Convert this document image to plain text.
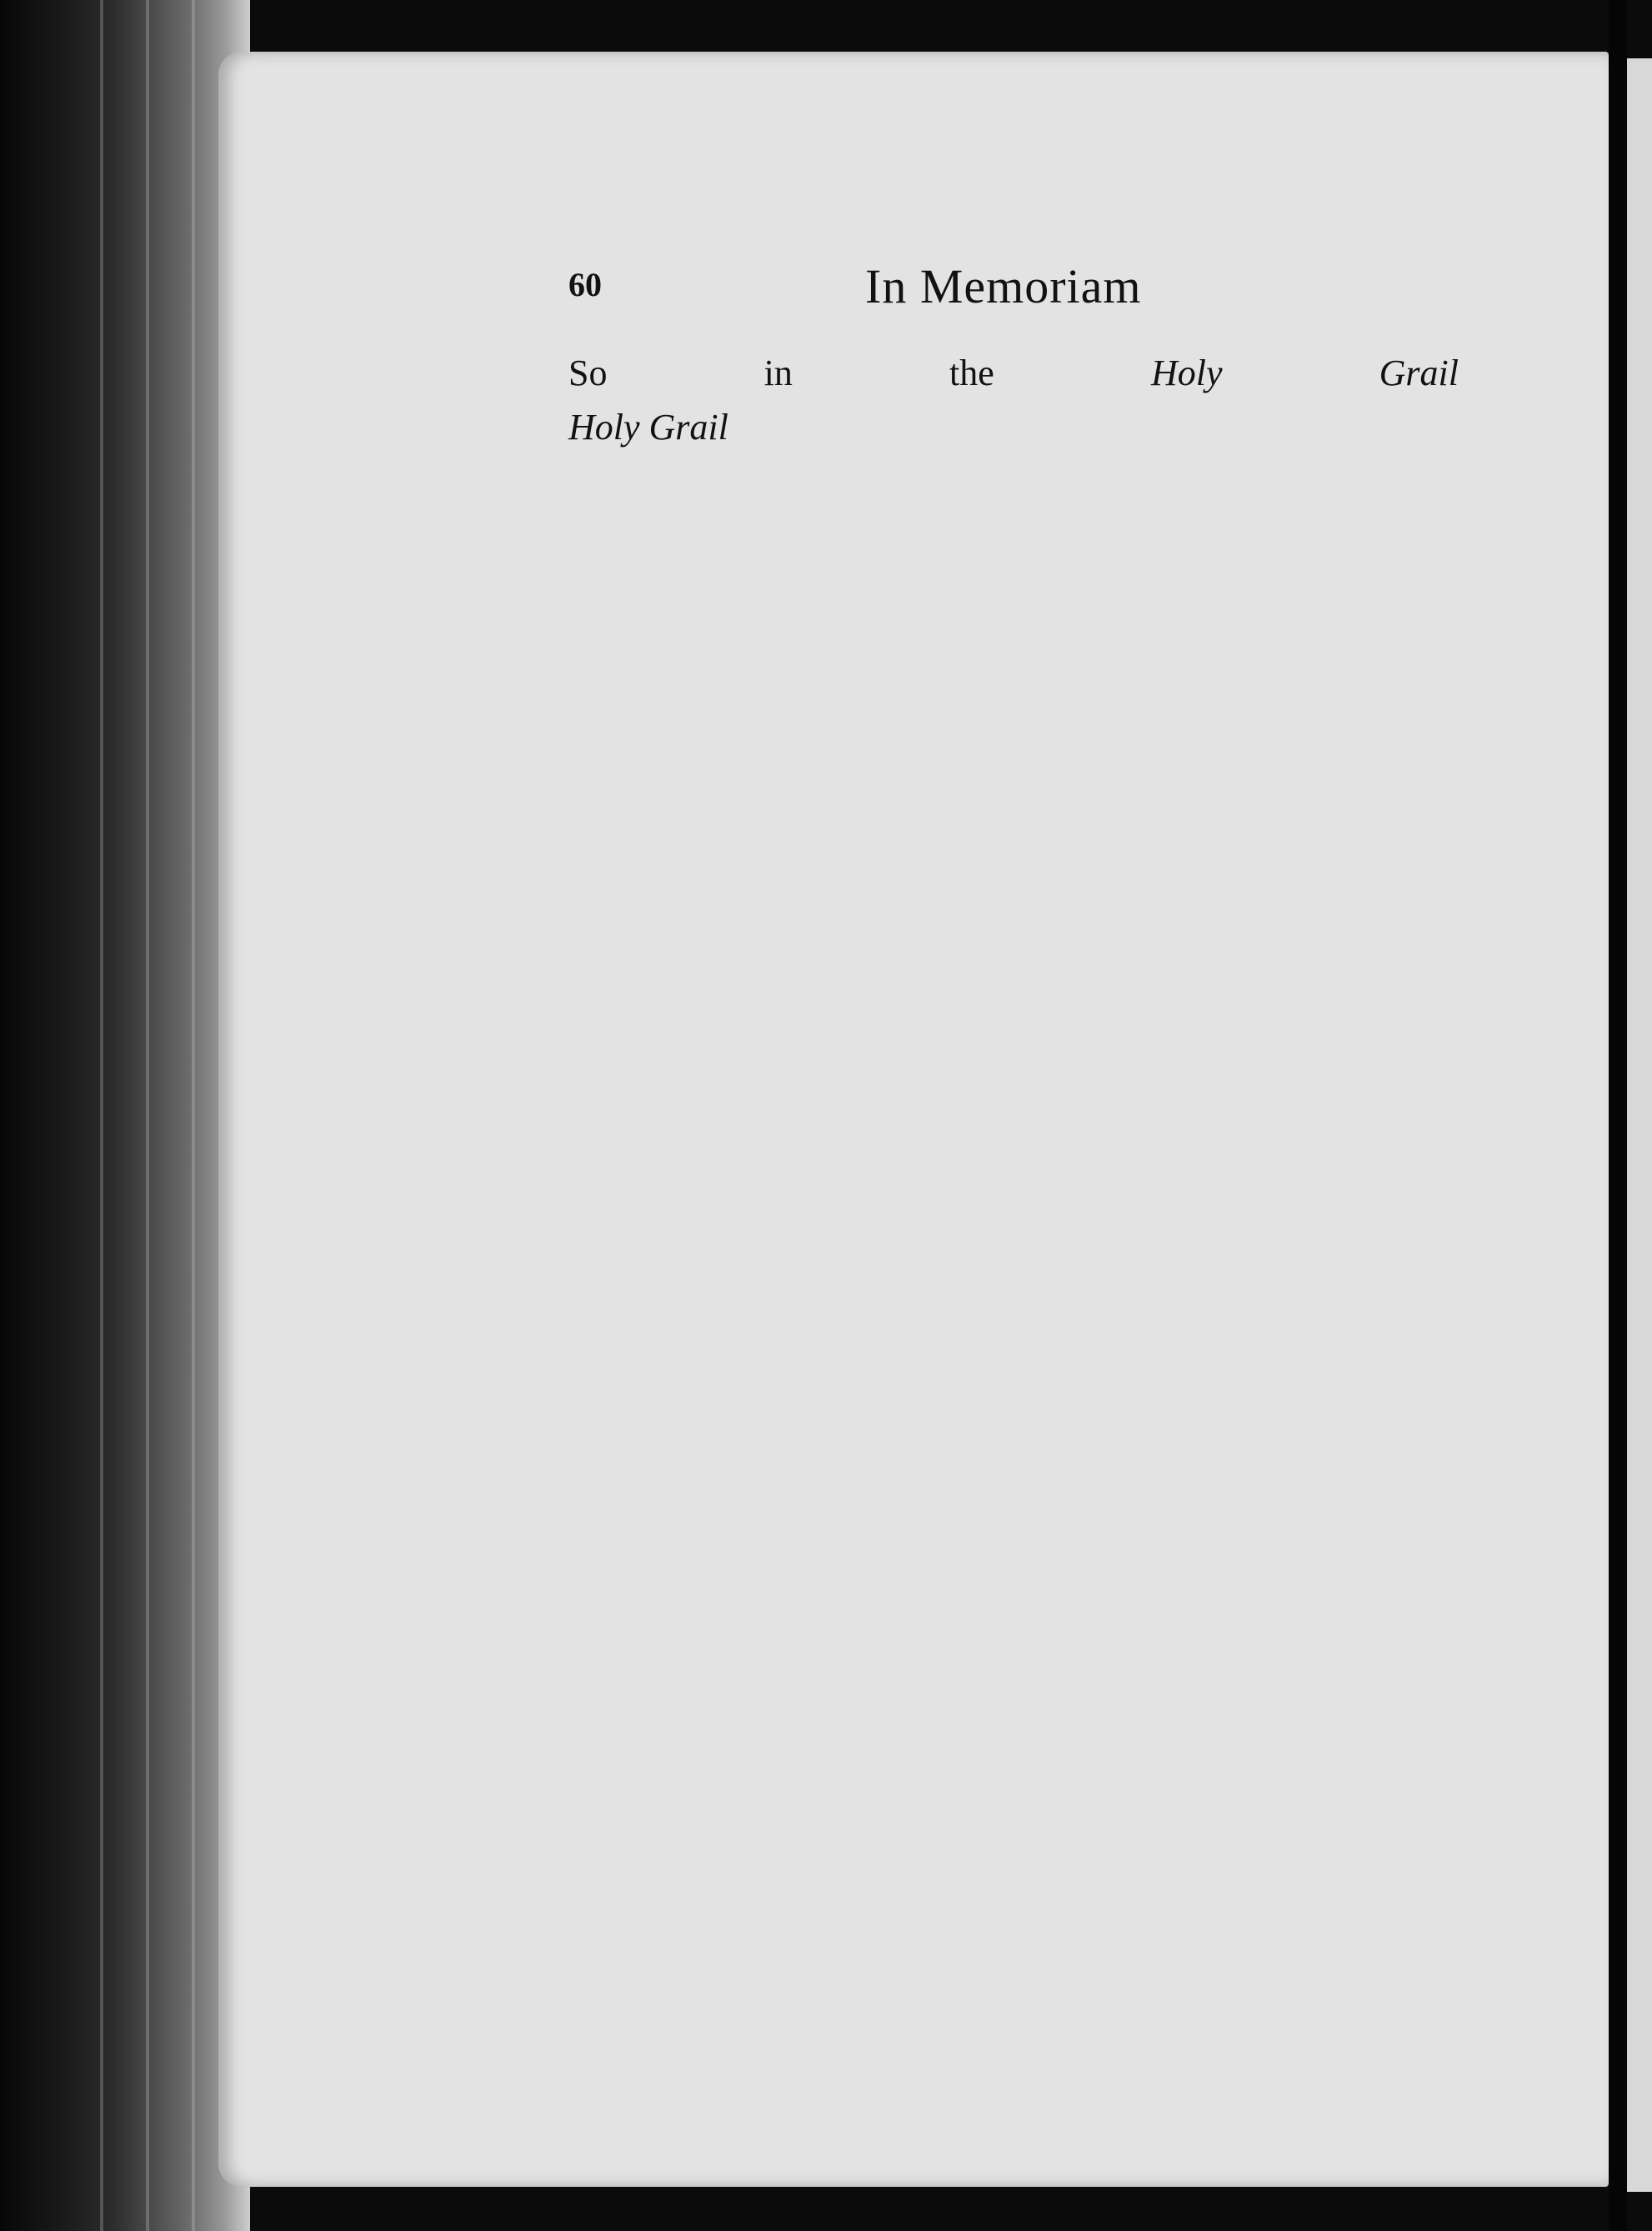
60	In Memoriam
So in the Holy Grail
Holy Grail
